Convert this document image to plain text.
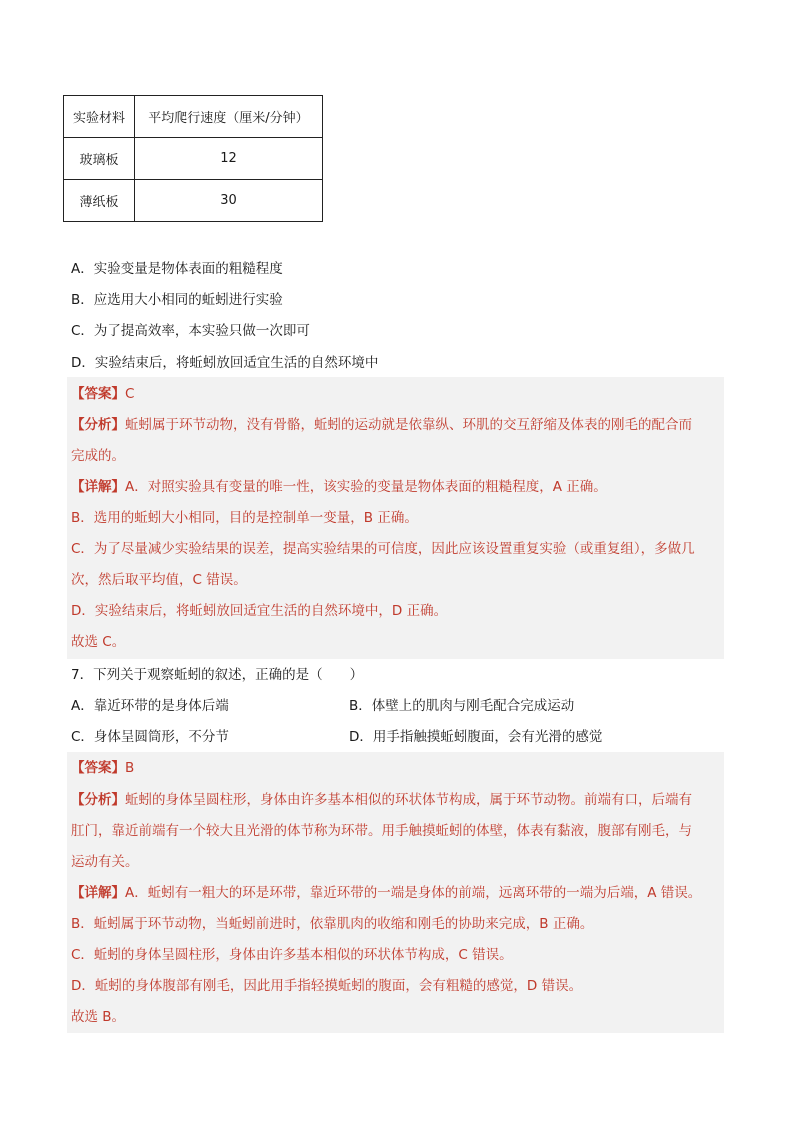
实验材料	平均爬行速度（厘米/分钟）
玻璃板	12
薄纸板	30
A．实验变量是物体表面的粗糙程度
B．应选用大小相同的蚯蚓进行实验
C．为了提高效率，本实验只做一次即可
D．实验结束后，将蚯蚓放回适宜生活的自然环境中
【答案】C
【分析】蚯蚓属于环节动物，没有骨骼，蚯蚓的运动就是依靠纵、环肌的交互舒缩及体表的刚毛的配合而
完成的。
【详解】A．对照实验具有变量的唯一性，该实验的变量是物体表面的粗糙程度，A 正确。
B．选用的蚯蚓大小相同，目的是控制单一变量，B 正确。
C．为了尽量减少实验结果的误差，提高实验结果的可信度，因此应该设置重复实验（或重复组），多做几
次，然后取平均值，C 错误。
D．实验结束后，将蚯蚓放回适宜生活的自然环境中，D 正确。
故选 C。
7．下列关于观察蚯蚓的叙述，正确的是（　　）
A．靠近环带的是身体后端	B．体壁上的肌肉与刚毛配合完成运动
C．身体呈圆筒形，不分节	D．用手指触摸蚯蚓腹面，会有光滑的感觉
【答案】B
【分析】蚯蚓的身体呈圆柱形，身体由许多基本相似的环状体节构成，属于环节动物。前端有口，后端有
肛门，靠近前端有一个较大且光滑的体节称为环带。用手触摸蚯蚓的体壁，体表有黏液，腹部有刚毛，与
运动有关。
【详解】A．蚯蚓有一粗大的环是环带，靠近环带的一端是身体的前端，远离环带的一端为后端，A 错误。
B．蚯蚓属于环节动物，当蚯蚓前进时，依靠肌肉的收缩和刚毛的协助来完成，B 正确。
C．蚯蚓的身体呈圆柱形，身体由许多基本相似的环状体节构成，C 错误。
D．蚯蚓的身体腹部有刚毛，因此用手指轻摸蚯蚓的腹面，会有粗糙的感觉，D 错误。
故选 B。
